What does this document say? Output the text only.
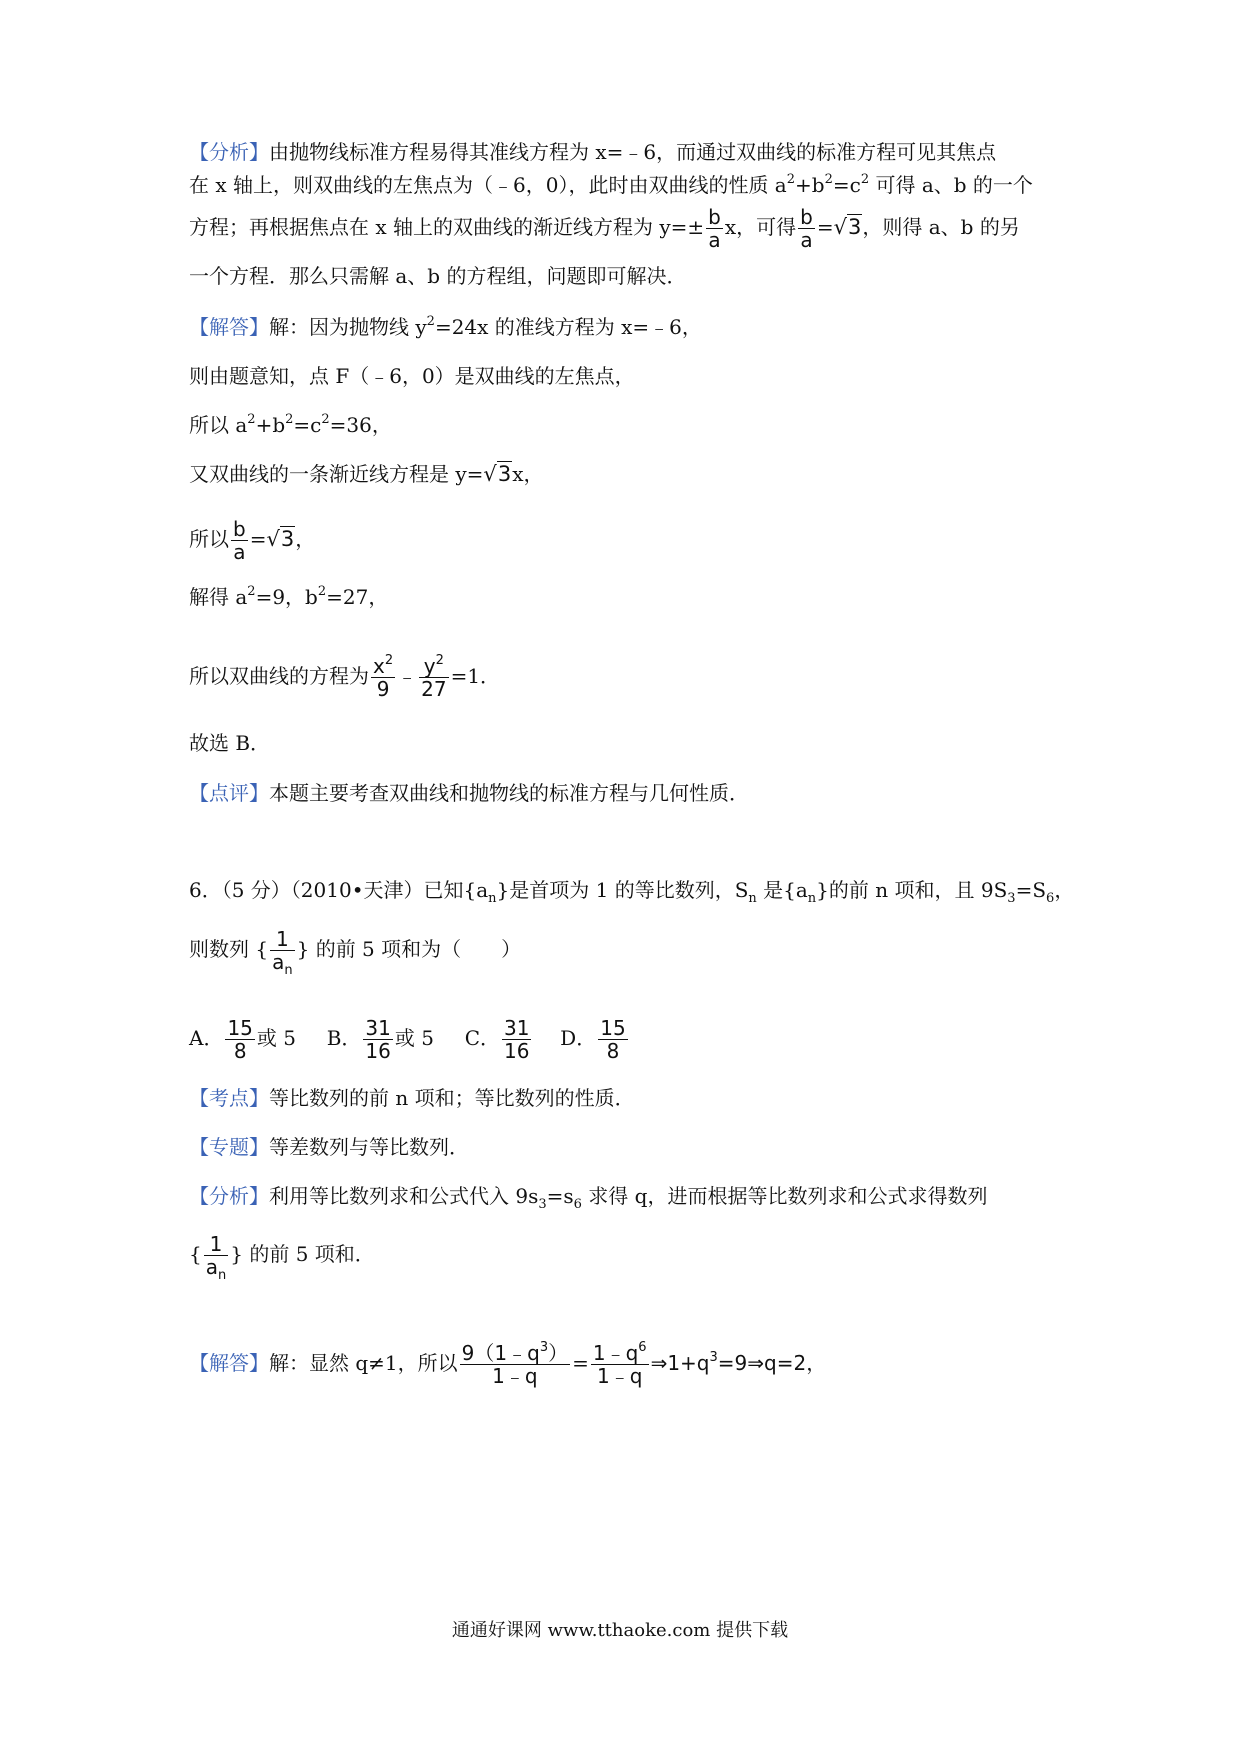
【分析】由抛物线标准方程易得其准线方程为 x=﹣6，而通过双曲线的标准方程可见其焦点
在 x 轴上，则双曲线的左焦点为（﹣6，0），此时由双曲线的性质 $a^2+b^2=c^2$ 可得 a、b 的一个
方程；再根据焦点在 x 轴上的双曲线的渐近线方程为 $y=\pm \frac{b}{a}$ x，可得 $\frac{b}{a} =√3$，则得 a、b 的另
一个方程．那么只需解 a、b 的方程组，问题即可解决．
【解答】解：因为抛物线 $y^2=24x$ 的准线方程为 x=﹣6，
则由题意知，点 F（﹣6，0）是双曲线的左焦点，
所以 $a^2+b^2=c^2=36$，
又双曲线的一条渐近线方程是 y=√3x，
所以 $\frac{b}{a} =√3$，
解得 $a^2=9$，$b^2=27$，
所以双曲线的方程为 $\frac{x^2}{9}$ ﹣ $\frac{y^2}{27} =1$．
故选 B．
【点评】本题主要考查双曲线和抛物线的标准方程与几何性质．
6．（5 分）（2010•天津）已知$\{a_n\}$是首项为 1 的等比数列，$S_n$ 是$\{a_n\}$的前 n 项和，且 $9S_3=S_6$，
则数列 { $\frac{1}{a_n}$ } 的前 5 项和为（　　）
A． $\frac{15}{8}$ 或 5 B． $\frac{31}{16}$ 或 5 C． $\frac{31}{16}$ D． $\frac{15}{8}$
【考点】等比数列的前 n 项和；等比数列的性质．
【专题】等差数列与等比数列．
【分析】利用等比数列求和公式代入 $9s_3=s_6$ 求得 q，进而根据等比数列求和公式求得数列
{ $\frac{1}{a_n}$ } 的前 5 项和．
【解答】解：显然 q≠1，所以 $\frac{9(1﹣q^3)}{1﹣q} = \frac{1﹣q^6}{1﹣q}$ $\Rightarrow 1+q^3=9\Rightarrow q=2$，
通通好课网 www.tthaoke.com 提供下载
